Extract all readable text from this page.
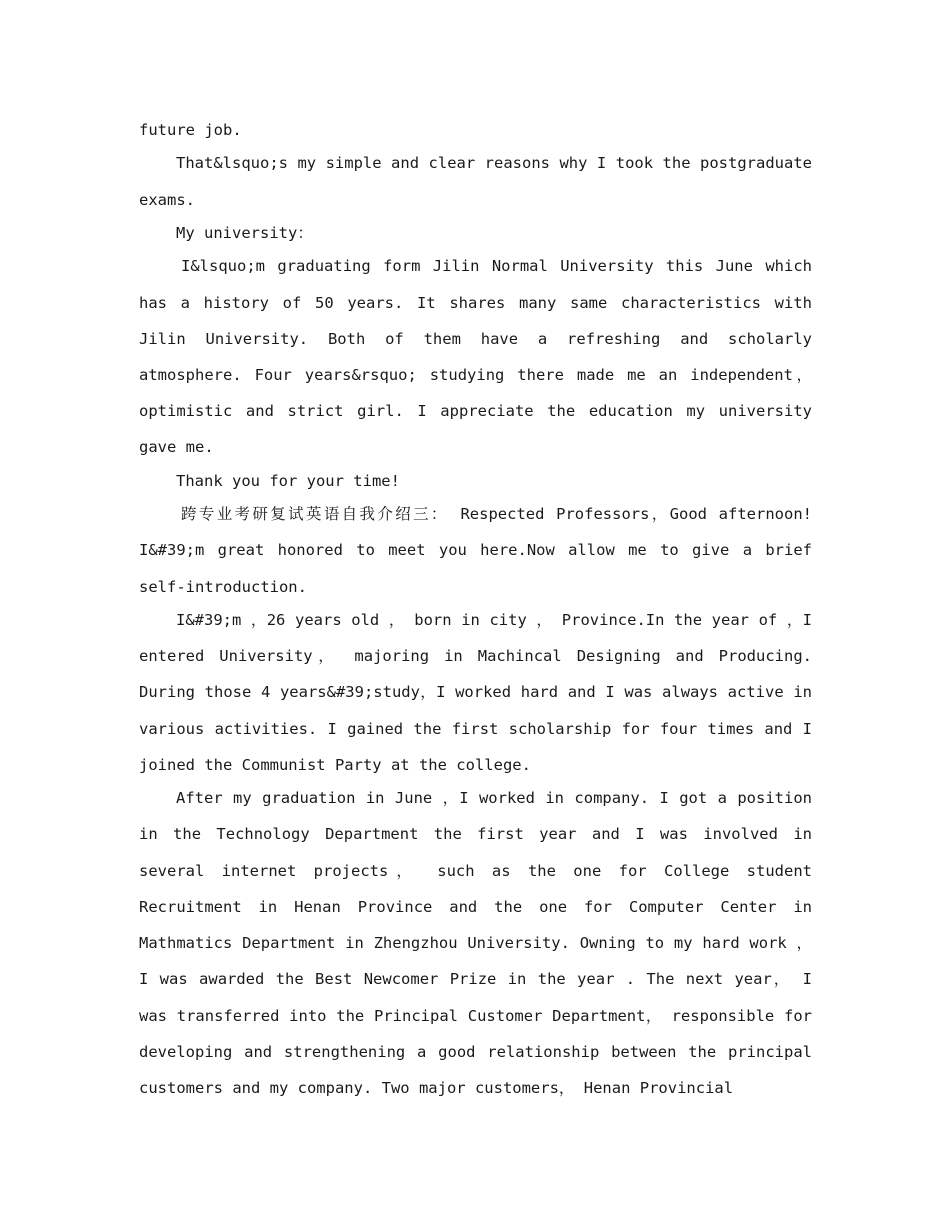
future job.

That&lsquo;s my simple and clear reasons why I took the postgraduate exams.

My university：

I&lsquo;m graduating form Jilin Normal University this June which has a history of 50 years. It shares many same characteristics with Jilin University. Both of them have a refreshing and scholarly atmosphere. Four years&rsquo; studying there made me an independent， optimistic and strict girl. I appreciate the education my university gave me.

Thank you for your time!

跨专业考研复试英语自我介绍三： Respected Professors，Good afternoon! I&#39;m great honored to meet you here.Now allow me to give a brief self-introduction.

I&#39;m ，26 years old ， born in city ， Province.In the year of ，I entered University， majoring in Machincal Designing and Producing. During those 4 years&#39;study，I worked hard and I was always active in various activities. I gained the first scholarship for four times and I joined the Communist Party at the college.

After my graduation in June ，I worked in company. I got a position in the Technology Department the first year and I was involved in several internet projects， such as the one for College student Recruitment in Henan Province and the one for Computer Center in Mathmatics Department in Zhengzhou University. Owning to my hard work ，I was awarded the Best Newcomer Prize in the year . The next year， I was transferred into the Principal Customer Department， responsible for developing and strengthening a good relationship between the principal customers and my company. Two major customers， Henan Provincial
